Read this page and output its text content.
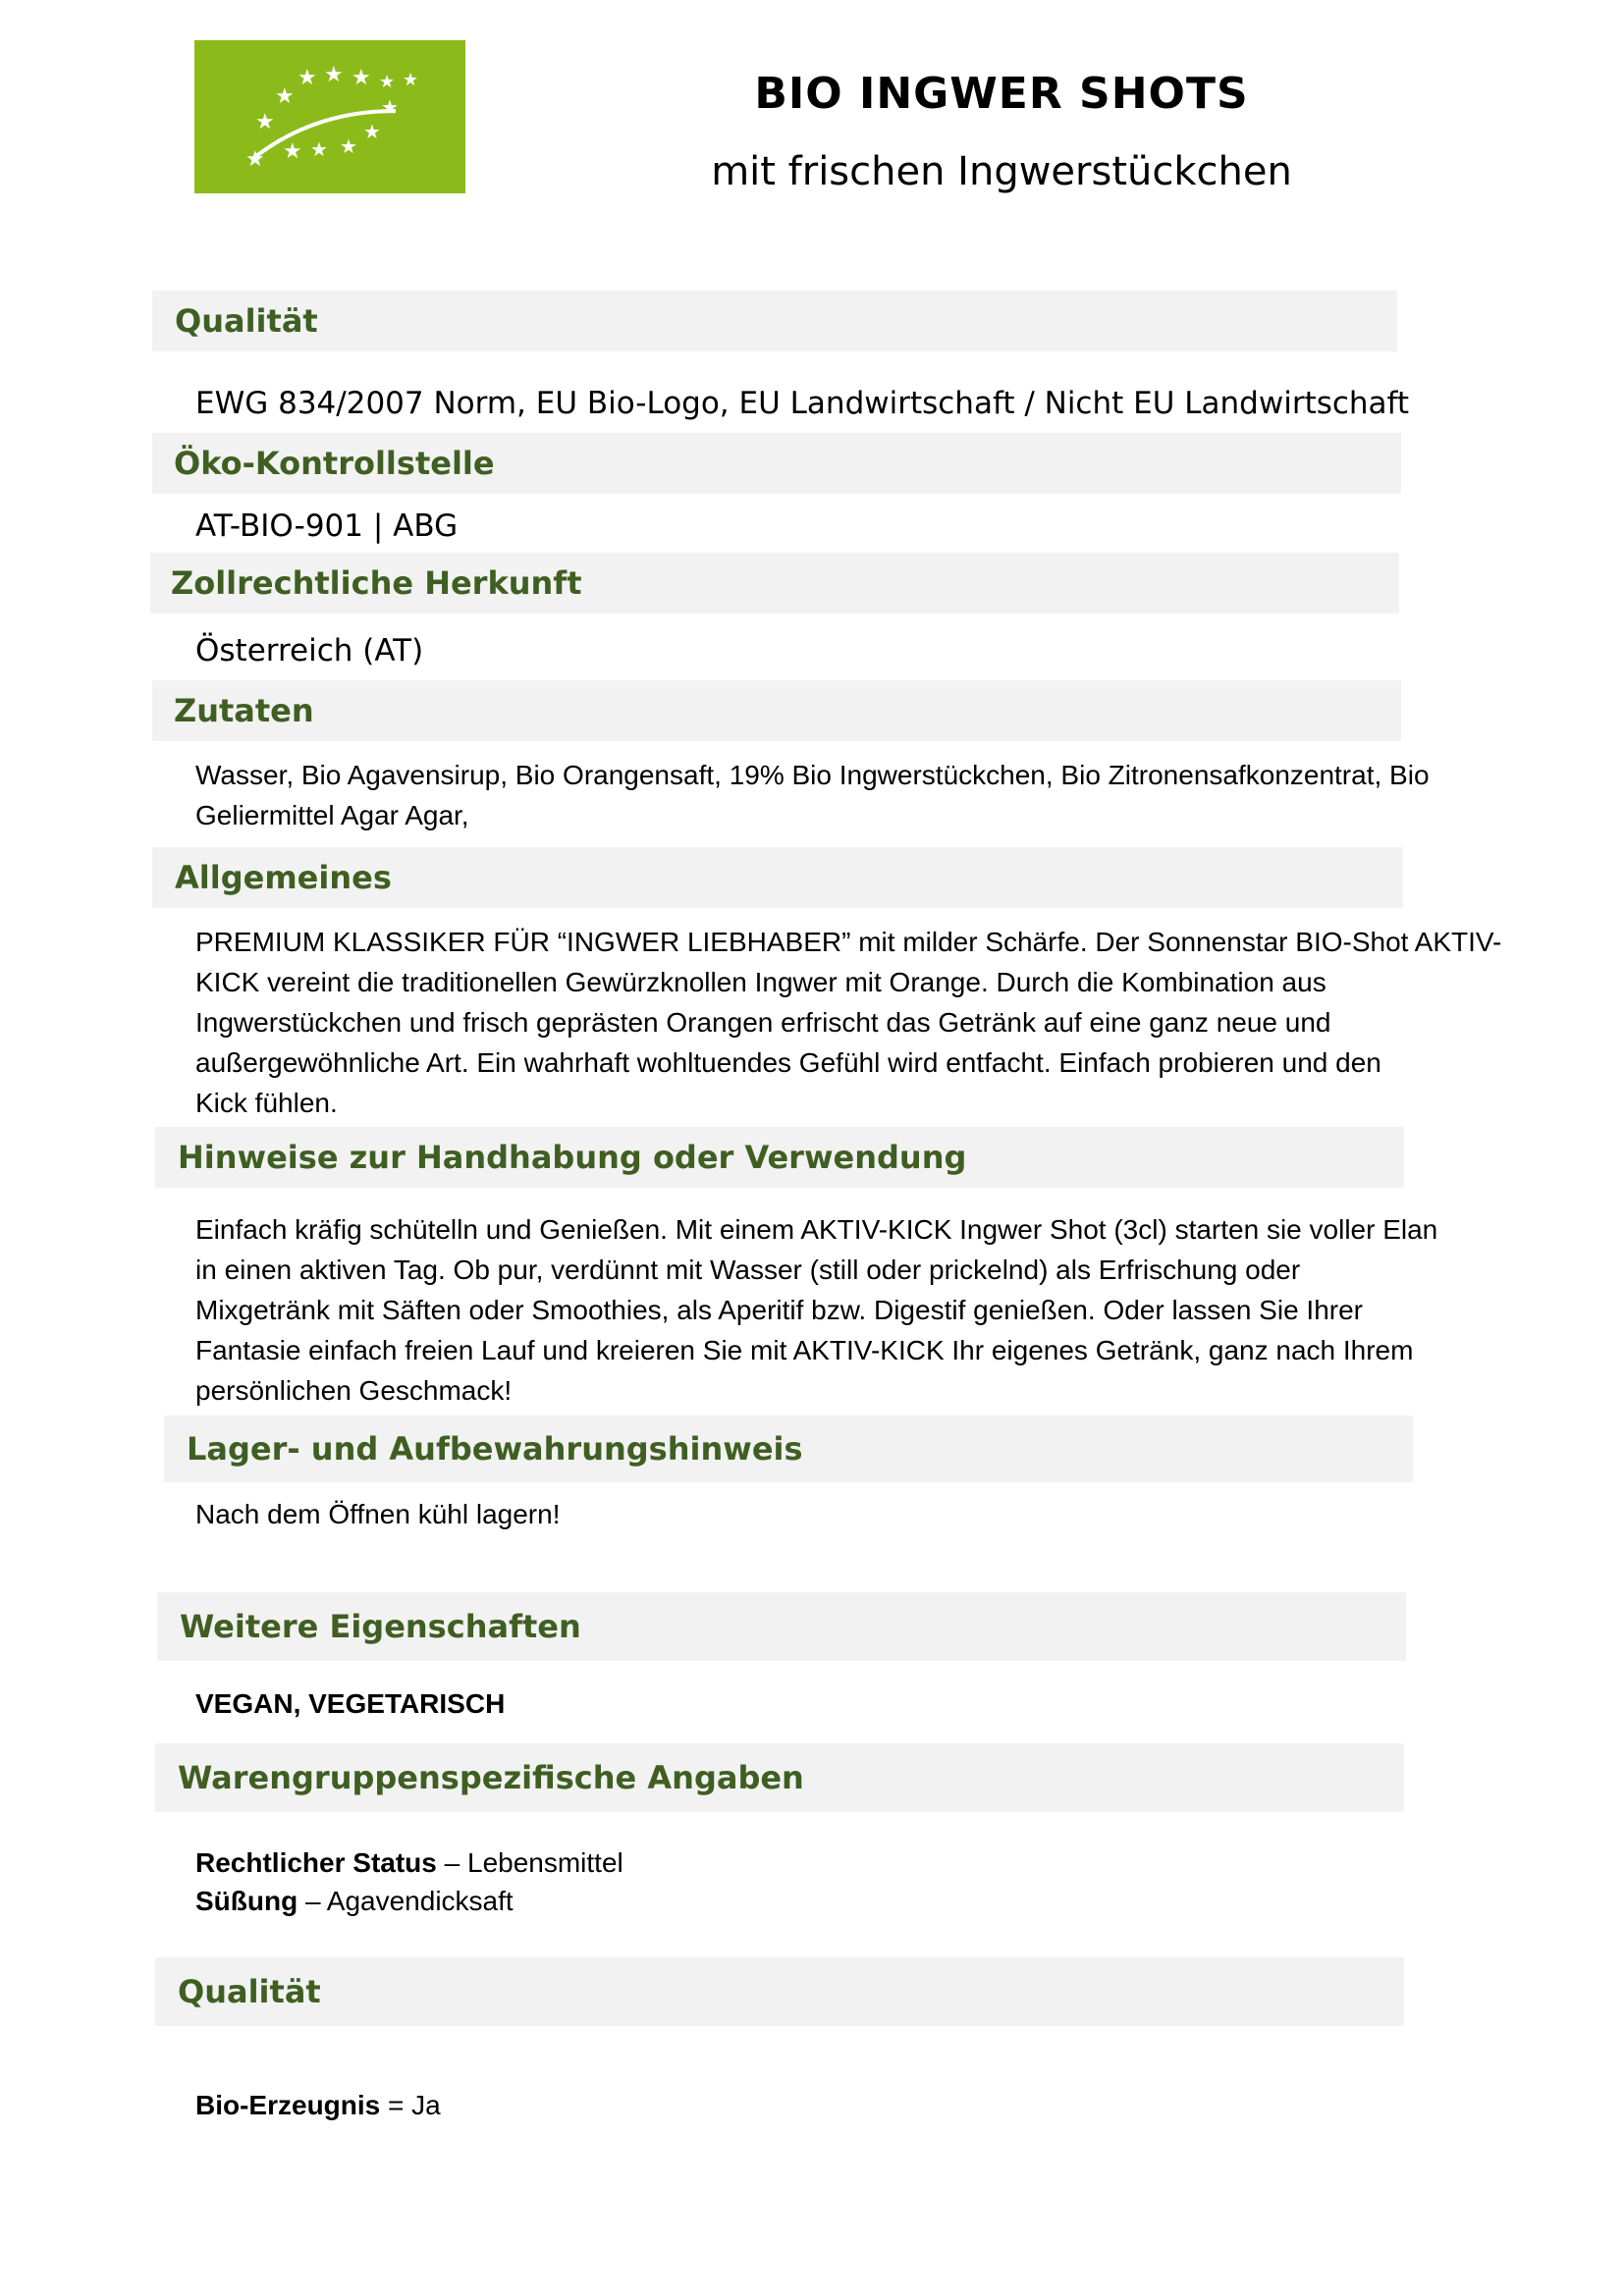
★ ★ ★ ★ ★
★	★
★	★
★ ★ ★
★
BIO INGWER SHOTS
mit frischen Ingwerstückchen
Qualität
EWG 834/2007 Norm, EU Bio-Logo, EU Landwirtschaft / Nicht EU Landwirtschaft
Öko-Kontrollstelle
AT-BIO-901 | ABG
Zollrechtliche Herkunft
Österreich (AT)
Zutaten
Wasser, Bio Agavensirup, Bio Orangensaft, 19% Bio Ingwerstückchen, Bio Zitronensafkonzentrat, Bio
Geliermittel Agar Agar,
Allgemeines
PREMIUM KLASSIKER FÜR “INGWER LIEBHABER” mit milder Schärfe. Der Sonnenstar BIO-Shot AKTIV-
KICK vereint die traditionellen Gewürzknollen Ingwer mit Orange. Durch die Kombination aus
Ingwerstückchen und frisch geprästen Orangen erfrischt das Getränk auf eine ganz neue und
außergewöhnliche Art. Ein wahrhaft wohltuendes Gefühl wird entfacht. Einfach probieren und den
Kick fühlen.
Hinweise zur Handhabung oder Verwendung
Einfach kräfig schütelln und Genießen. Mit einem AKTIV-KICK Ingwer Shot (3cl) starten sie voller Elan
in einen aktiven Tag. Ob pur, verdünnt mit Wasser (still oder prickelnd) als Erfrischung oder
Mixgetränk mit Säften oder Smoothies, als Aperitif bzw. Digestif genießen. Oder lassen Sie Ihrer
Fantasie einfach freien Lauf und kreieren Sie mit AKTIV-KICK Ihr eigenes Getränk, ganz nach Ihrem
persönlichen Geschmack!
Lager- und Aufbewahrungshinweis
Nach dem Öffnen kühl lagern!
Weitere Eigenschaften
VEGAN, VEGETARISCH
Warengruppenspezifische Angaben
Rechtlicher Status – Lebensmittel
Süßung – Agavendicksaft
Qualität
Bio-Erzeugnis = Ja
